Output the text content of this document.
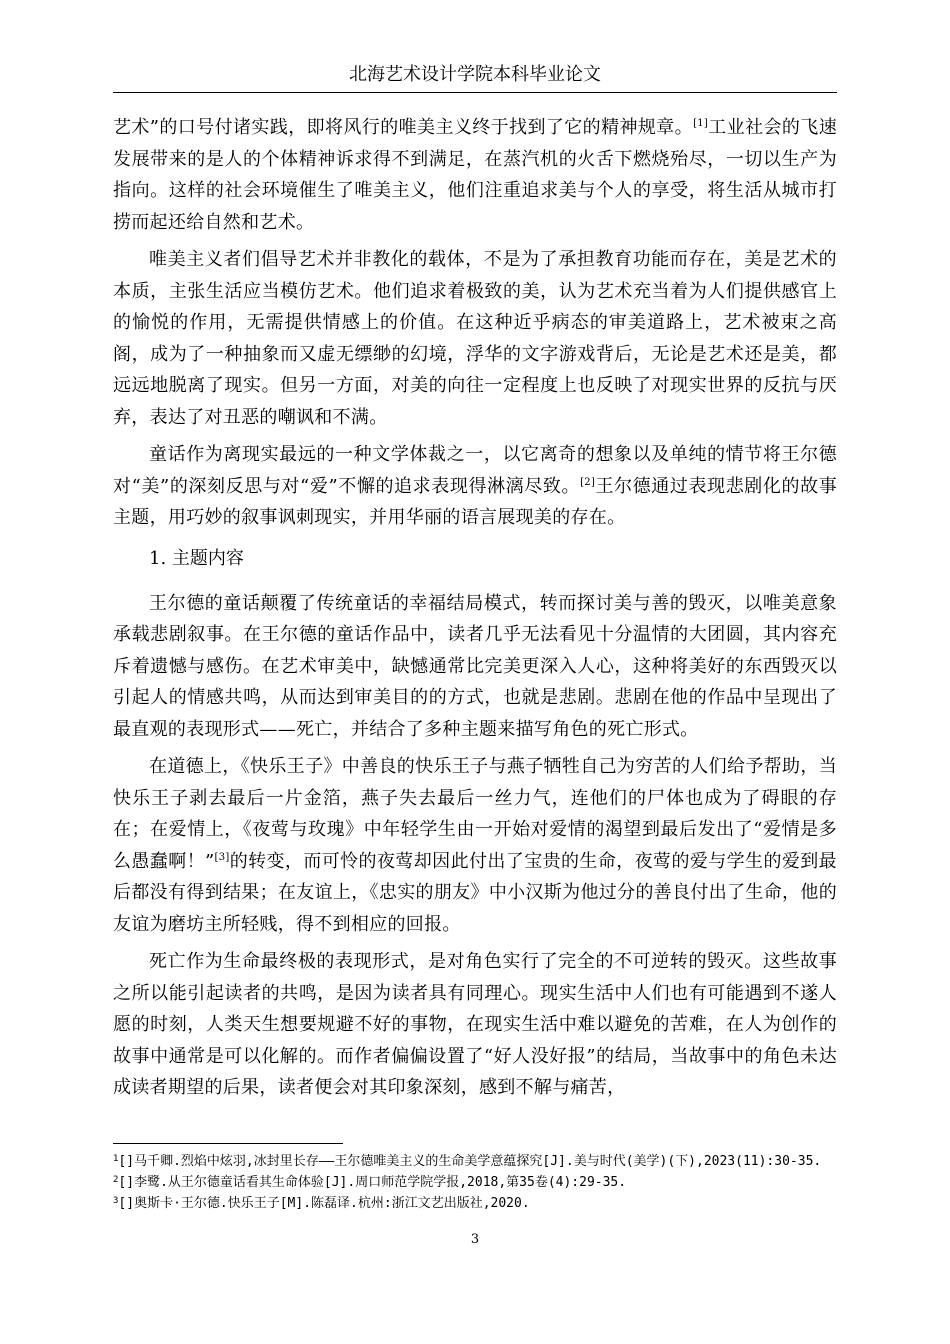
北海艺术设计学院本科毕业论文

艺术”的口号付诸实践，即将风行的唯美主义终于找到了它的精神规章。[1]工业社会的飞速发展带来的是人的个体精神诉求得不到满足，在蒸汽机的火舌下燃烧殆尽，一切以生产为指向。这样的社会环境催生了唯美主义，他们注重追求美与个人的享受，将生活从城市打捞而起还给自然和艺术。

唯美主义者们倡导艺术并非教化的载体，不是为了承担教育功能而存在，美是艺术的本质，主张生活应当模仿艺术。他们追求着极致的美，认为艺术充当着为人们提供感官上的愉悦的作用，无需提供情感上的价值。在这种近乎病态的审美道路上，艺术被束之高阁，成为了一种抽象而又虚无缥缈的幻境，浮华的文字游戏背后，无论是艺术还是美，都远远地脱离了现实。但另一方面，对美的向往一定程度上也反映了对现实世界的反抗与厌弃，表达了对丑恶的嘲讽和不满。

童话作为离现实最远的一种文学体裁之一，以它离奇的想象以及单纯的情节将王尔德对“美”的深刻反思与对“爱”不懈的追求表现得淋漓尽致。[2]王尔德通过表现悲剧化的故事主题，用巧妙的叙事讽刺现实，并用华丽的语言展现美的存在。

1. 主题内容

王尔德的童话颠覆了传统童话的幸福结局模式，转而探讨美与善的毁灭，以唯美意象承载悲剧叙事。在王尔德的童话作品中，读者几乎无法看见十分温情的大团圆，其内容充斥着遗憾与感伤。在艺术审美中，缺憾通常比完美更深入人心，这种将美好的东西毁灭以引起人的情感共鸣，从而达到审美目的的方式，也就是悲剧。悲剧在他的作品中呈现出了最直观的表现形式——死亡，并结合了多种主题来描写角色的死亡形式。

在道德上，《快乐王子》中善良的快乐王子与燕子牺牲自己为穷苦的人们给予帮助，当快乐王子剥去最后一片金箔，燕子失去最后一丝力气，连他们的尸体也成为了碍眼的存在；在爱情上，《夜莺与玫瑰》中年轻学生由一开始对爱情的渴望到最后发出了“爱情是多么愚蠢啊！”[3]的转变，而可怜的夜莺却因此付出了宝贵的生命，夜莺的爱与学生的爱到最后都没有得到结果；在友谊上，《忠实的朋友》中小汉斯为他过分的善良付出了生命，他的友谊为磨坊主所轻贱，得不到相应的回报。

死亡作为生命最终极的表现形式，是对角色实行了完全的不可逆转的毁灭。这些故事之所以能引起读者的共鸣，是因为读者具有同理心。现实生活中人们也有可能遇到不遂人愿的时刻，人类天生想要规避不好的事物，在现实生活中难以避免的苦难，在人为创作的故事中通常是可以化解的。而作者偏偏设置了“好人没好报”的结局，当故事中的角色未达成读者期望的后果，读者便会对其印象深刻，感到不解与痛苦，

$^1$[]马千卿.烈焰中炫羽,冰封里长存——王尔德唯美主义的生命美学意蕴探究[J].美与时代(美学)(下),2023(11):30-35.

$^2$[]李鹭.从王尔德童话看其生命体验[J].周口师范学院学报,2018,第35卷(4):29-35.

$^3$[]奥斯卡·王尔德.快乐王子[M].陈磊译.杭州:浙江文艺出版社,2020.

3
